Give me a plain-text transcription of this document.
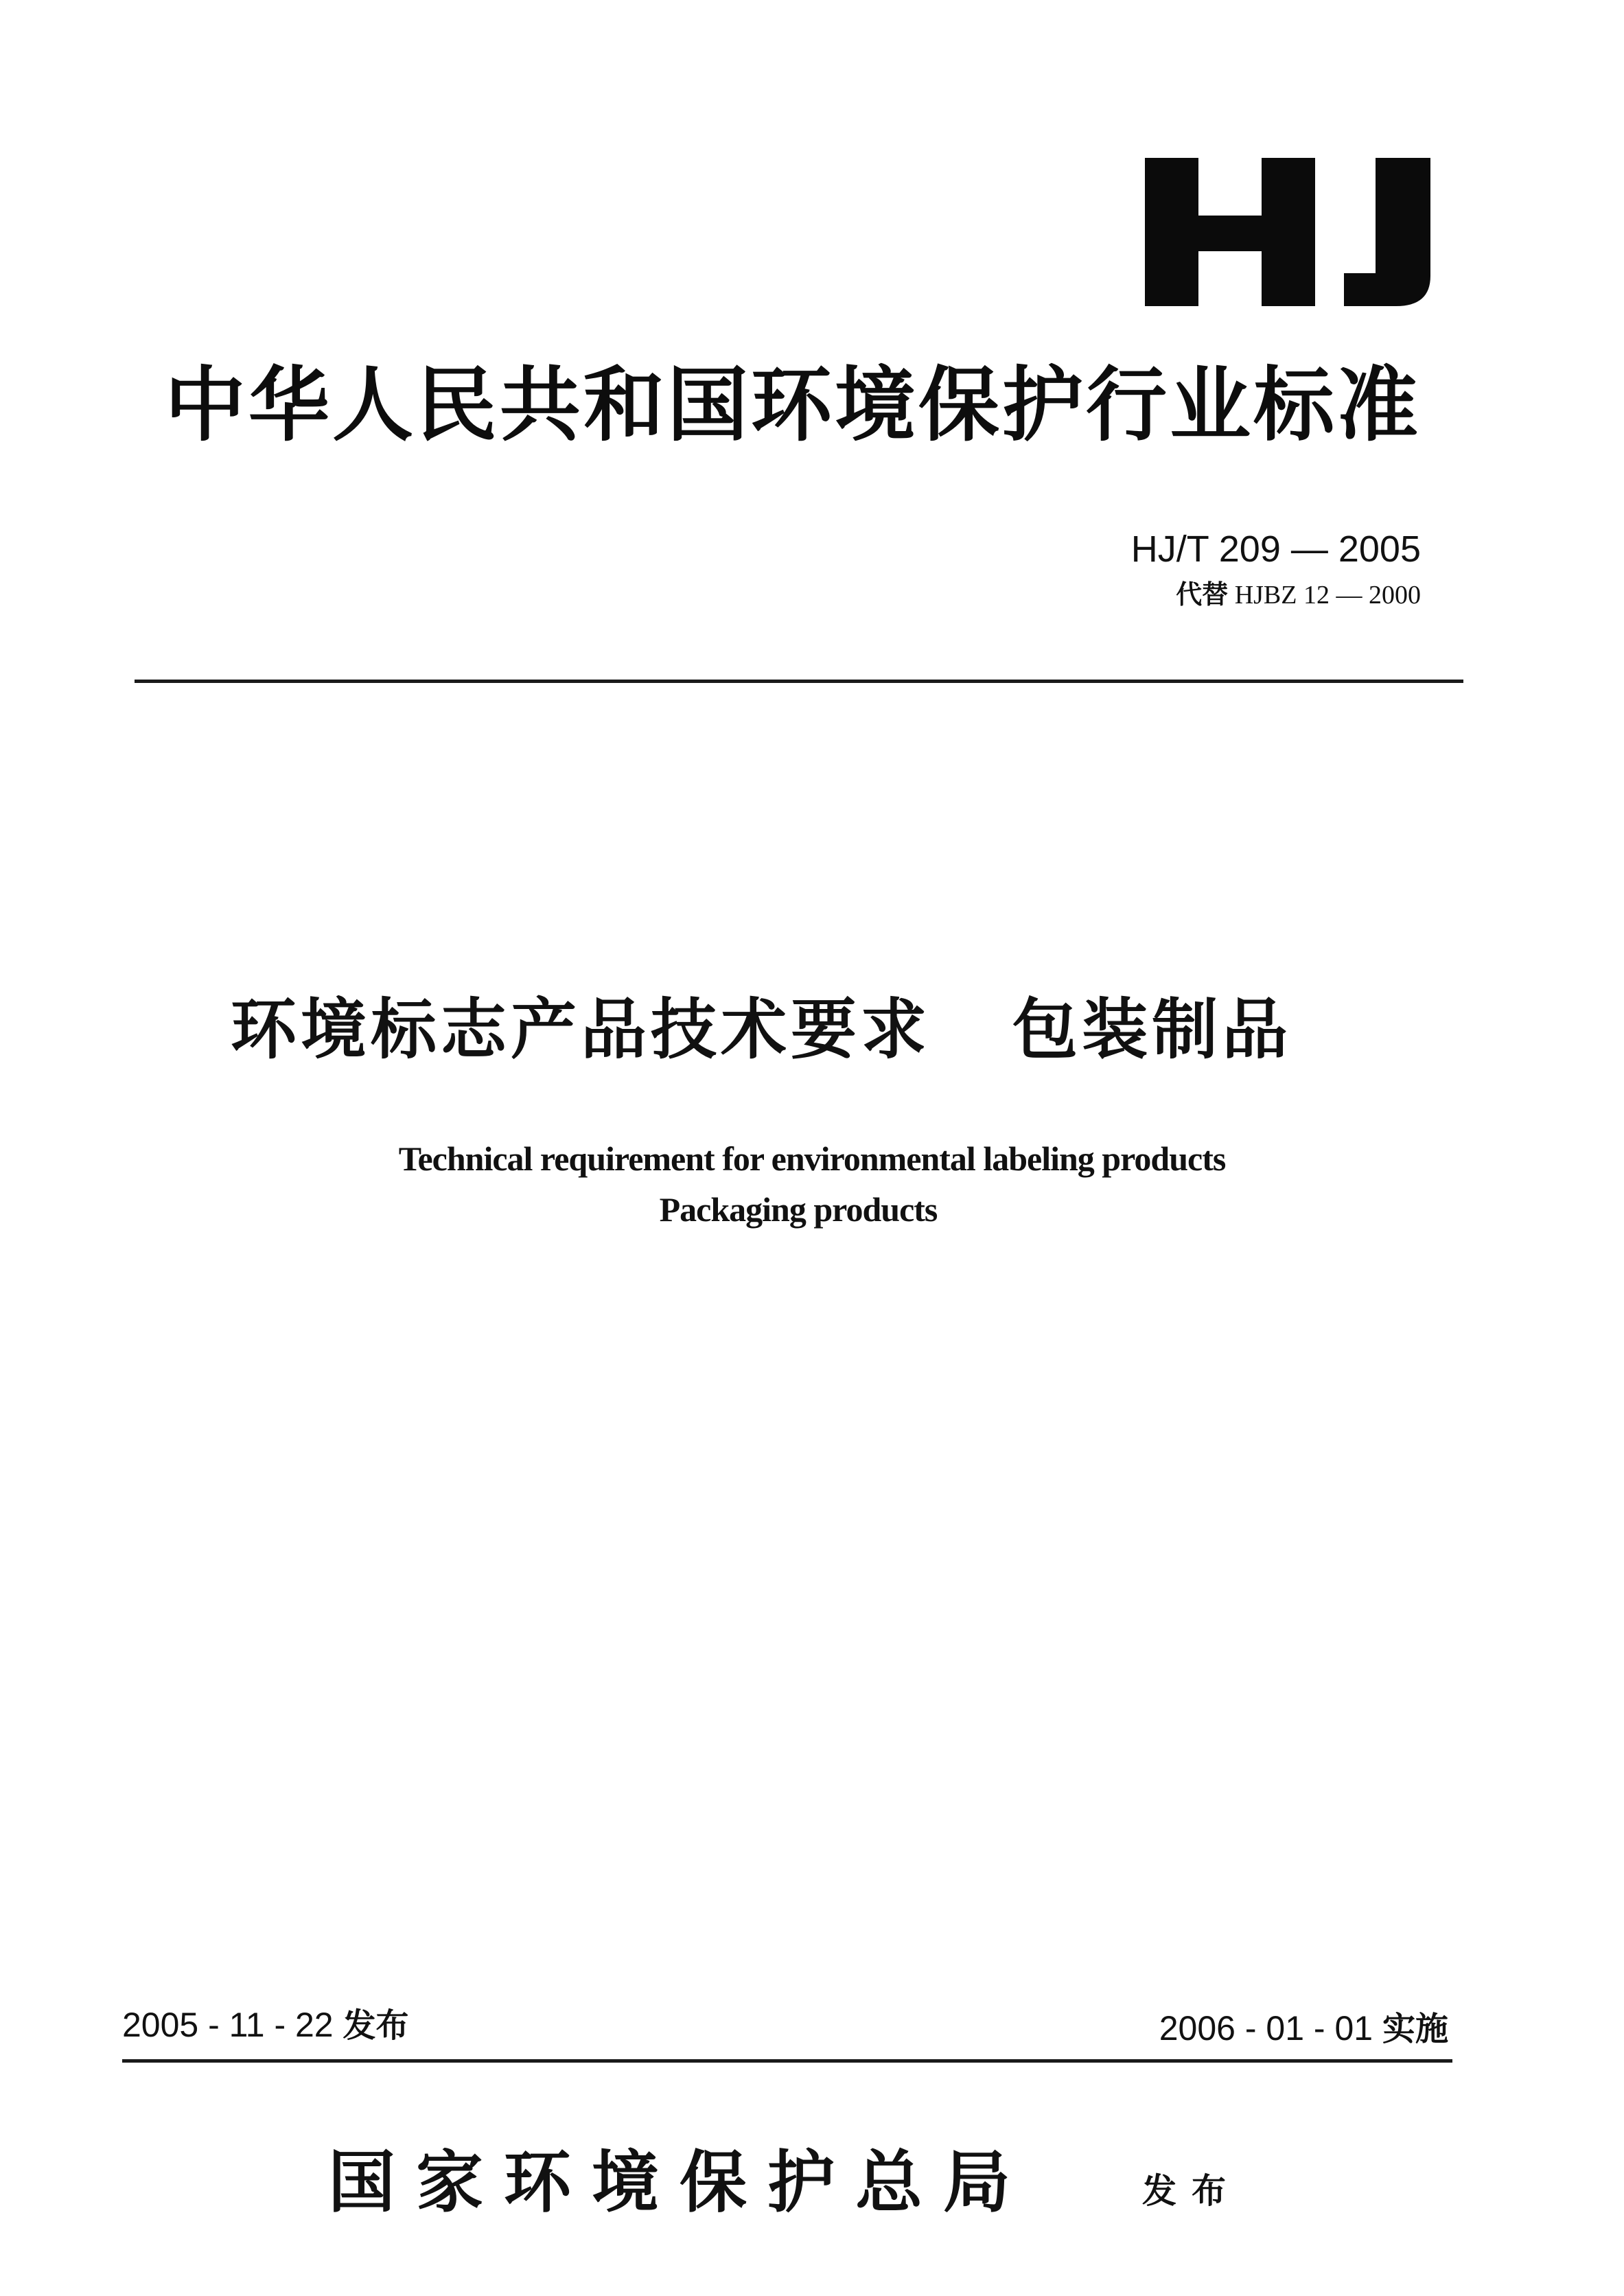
中华人民共和国环境保护行业标准
HJ/T 209 — 2005
代替 HJBZ 12 — 2000
环境标志产品技术要求   包装制品
Technical requirement for environmental labeling products
Packaging products
2005 - 11 - 22 发布	2006 - 01 - 01 实施
国家环境保护总局	发布
